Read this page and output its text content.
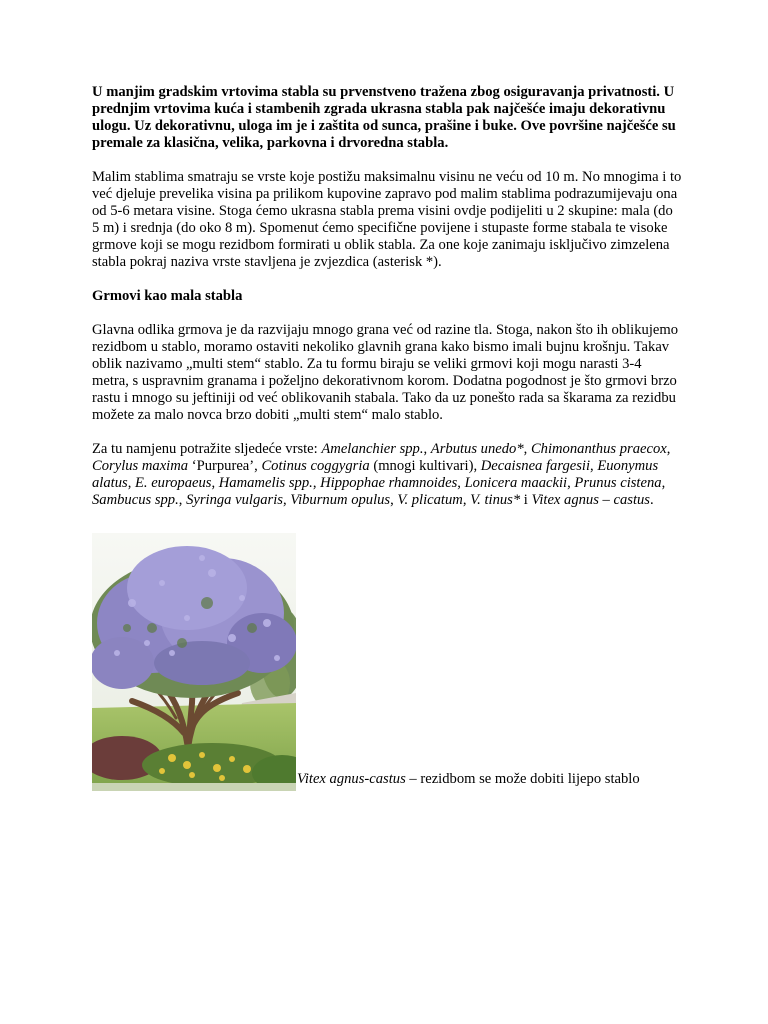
U manjim gradskim vrtovima stabla su prvenstveno tražena zbog osiguravanja privatnosti. U prednjim vrtovima kuća i stambenih zgrada ukrasna stabla pak najčešće imaju dekorativnu ulogu. Uz dekorativnu, uloga im je i zaštita od sunca, prašine i buke. Ove površine najčešće su premale za klasična, velika, parkovna i drvoredna stabla.

Malim stablima smatraju se vrste koje postižu maksimalnu visinu ne veću od 10 m. No mnogima i to već djeluje prevelika visina pa prilikom kupovine zapravo pod malim stablima podrazumijevaju ona od 5-6 metara visine. Stoga ćemo ukrasna stabla prema visini ovdje podijeliti u 2 skupine: mala (do 5 m) i srednja (do oko 8 m). Spomenut ćemo specifične povijene i stupaste forme stabala te visoke grmove koji se mogu rezidbom formirati u oblik stabla. Za one koje zanimaju isključivo zimzelena stabla pokraj naziva vrste stavljena je zvjezdica (asterisk *).

Grmovi kao mala stabla

Glavna odlika grmova je da razvijaju mnogo grana već od razine tla. Stoga, nakon što ih oblikujemo rezidbom u stablo, moramo ostaviti nekoliko glavnih grana kako bismo imali bujnu krošnju. Takav oblik nazivamo „multi stem“ stablo. Za tu formu biraju se veliki grmovi koji mogu narasti 3-4 metra, s uspravnim granama i poželjno dekorativnom korom. Dodatna pogodnost je što grmovi brzo rastu i mnogo su jeftiniji od već oblikovanih stabala. Tako da uz ponešto rada sa škarama za rezidbu možete za malo novca brzo dobiti „multi stem“ malo stablo.

Za tu namjenu potražite sljedeće vrste: Amelanchier spp., Arbutus unedo*, Chimonanthus praecox, Corylus maxima ‘Purpurea’, Cotinus coggygria (mnogi kultivari), Decaisnea fargesii, Euonymus alatus, E. europaeus, Hamamelis spp., Hippophae rhamnoides, Lonicera maackii, Prunus cistena, Sambucus spp., Syringa vulgaris, Viburnum opulus, V. plicatum, V. tinus* i Vitex agnus – castus.

Vitex agnus-castus – rezidbom se može dobiti lijepo stablo
